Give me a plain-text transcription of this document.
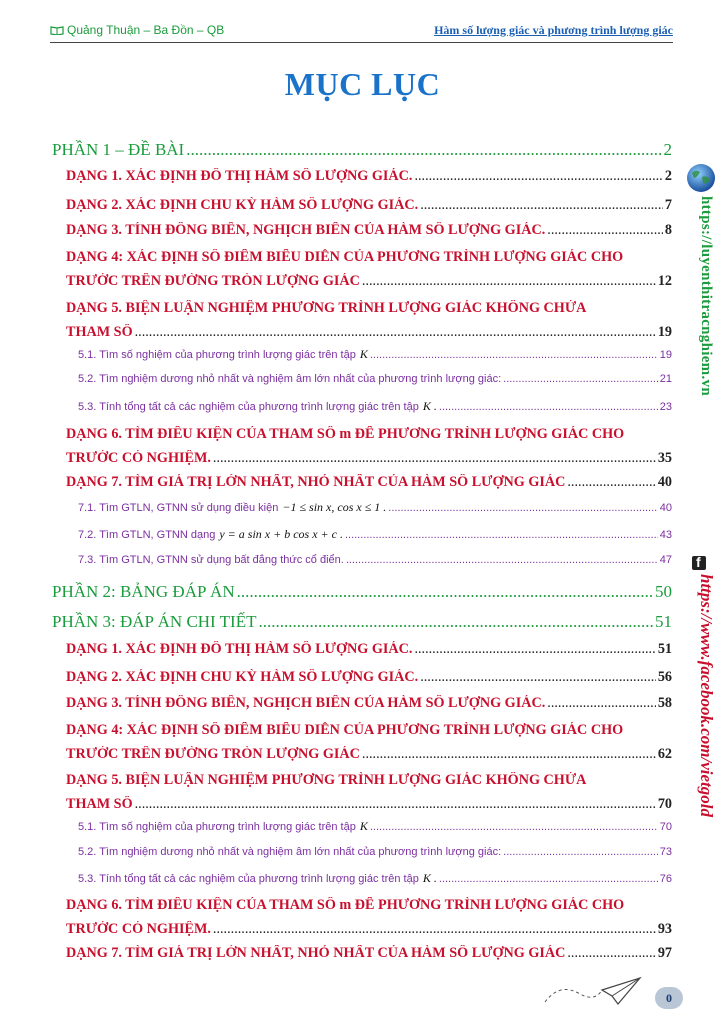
Quảng Thuận – Ba Đồn – QB	Hàm số lượng giác và phương trình lượng giác
MỤC LỤC
PHẦN 1 – ĐỀ BÀI .....	2
DẠNG 1. XÁC ĐỊNH ĐỒ THỊ HÀM SỐ LƯỢNG GIÁC. .....	2
DẠNG 2. XÁC ĐỊNH CHU KỲ HÀM SỐ LƯỢNG GIÁC. .....	7
DẠNG 3. TÍNH ĐỒNG BIẾN, NGHỊCH BIẾN CỦA HÀM SỐ LƯỢNG GIÁC. .....	8
DẠNG 4: XÁC ĐỊNH SỐ ĐIỂM BIỂU DIỄN CỦA PHƯƠNG TRÌNH LƯỢNG GIÁC CHO
TRƯỚC TRÊN ĐƯỜNG TRÒN LƯỢNG GIÁC .....	12
DẠNG 5. BIỆN LUẬN NGHIỆM PHƯƠNG TRÌNH LƯỢNG GIÁC KHÔNG CHỨA
THAM SỐ .....	19
5.1. Tìm số nghiệm của phương trình lượng giác trên tập K .....	19
5.2. Tìm nghiệm dương nhỏ nhất và nghiệm âm lớn nhất của phương trình lượng giác: .....	21
5.3. Tính tổng tất cả các nghiệm của phương trình lượng giác trên tập K . .....	23
DẠNG 6. TÌM ĐIỀU KIỆN CỦA THAM SỐ m ĐỂ PHƯƠNG TRÌNH LƯỢNG GIÁC CHO
TRƯỚC CÓ NGHIỆM. .....	35
DẠNG 7. TÌM GIÁ TRỊ LỚN NHẤT, NHỎ NHẤT CỦA HÀM SỐ LƯỢNG GIÁC .....	40
7.1. Tìm GTLN, GTNN sử dụng điều kiện −1 ≤ sin x, cos x ≤ 1 . .....	40
7.2. Tìm GTLN, GTNN dạng y = a sin x + b cos x + c . .....	43
7.3. Tìm GTLN, GTNN sử dụng bất đẳng thức cổ điển. .....	47
PHẦN 2: BẢNG ĐÁP ÁN .....	50
PHẦN 3: ĐÁP ÁN CHI TIẾT .....	51
DẠNG 1. XÁC ĐỊNH ĐỒ THỊ HÀM SỐ LƯỢNG GIÁC. .....	51
DẠNG 2. XÁC ĐỊNH CHU KỲ HÀM SỐ LƯỢNG GIÁC. .....	56
DẠNG 3. TÍNH ĐỒNG BIẾN, NGHỊCH BIẾN CỦA HÀM SỐ LƯỢNG GIÁC. .....	58
DẠNG 4: XÁC ĐỊNH SỐ ĐIỂM BIỂU DIỄN CỦA PHƯƠNG TRÌNH LƯỢNG GIÁC CHO
TRƯỚC TRÊN ĐƯỜNG TRÒN LƯỢNG GIÁC .....	62
DẠNG 5. BIỆN LUẬN NGHIỆM PHƯƠNG TRÌNH LƯỢNG GIÁC KHÔNG CHỨA
THAM SỐ .....	70
5.1. Tìm số nghiệm của phương trình lượng giác trên tập K .....	70
5.2. Tìm nghiệm dương nhỏ nhất và nghiệm âm lớn nhất của phương trình lượng giác: .....	73
5.3. Tính tổng tất cả các nghiệm của phương trình lượng giác trên tập K . .....	76
DẠNG 6. TÌM ĐIỀU KIỆN CỦA THAM SỐ m ĐỂ PHƯƠNG TRÌNH LƯỢNG GIÁC CHO
TRƯỚC CÓ NGHIỆM. .....	93
DẠNG 7. TÌM GIÁ TRỊ LỚN NHẤT, NHỎ NHẤT CỦA HÀM SỐ LƯỢNG GIÁC .....	97
https://luyenthitracnghiem.vn
f
https://www.facebook.com/vietgold
0
